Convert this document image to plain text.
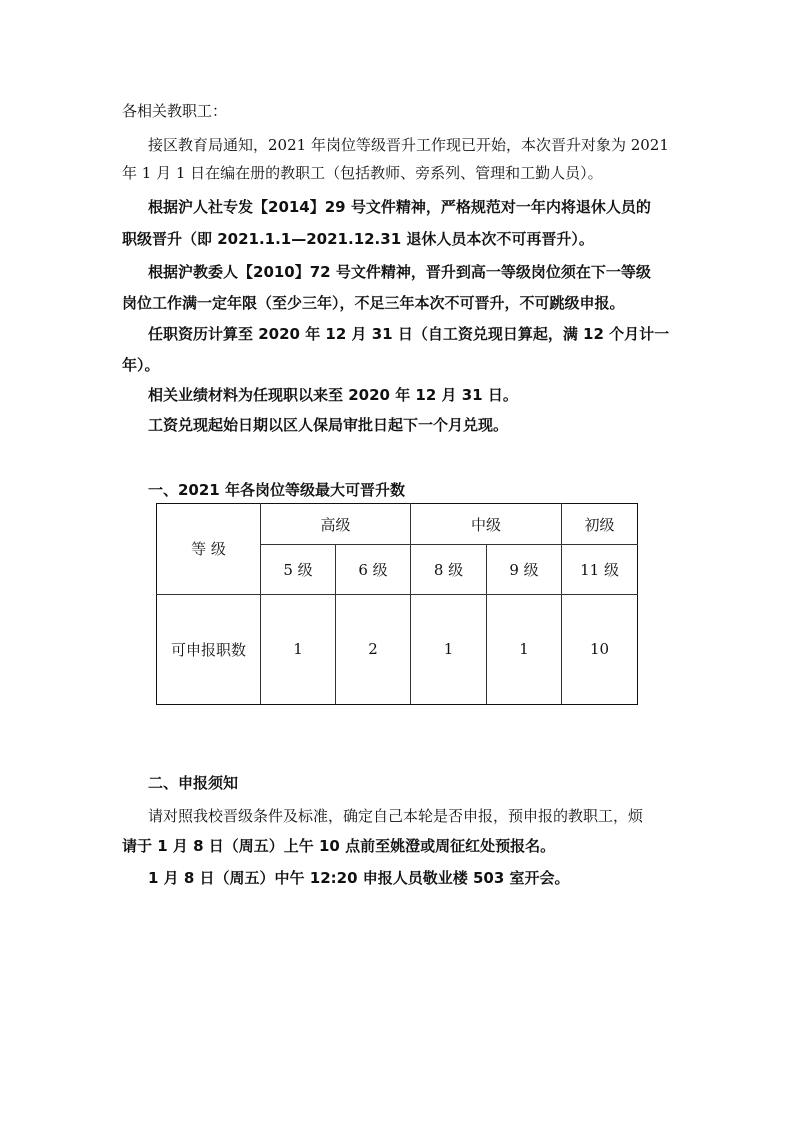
各相关教职工：
接区教育局通知，2021 年岗位等级晋升工作现已开始，本次晋升对象为 2021
年 1 月 1 日在编在册的教职工（包括教师、旁系列、管理和工勤人员）。
根据沪人社专发【2014】29 号文件精神，严格规范对一年内将退休人员的
职级晋升（即 2021.1.1—2021.12.31 退休人员本次不可再晋升）。
根据沪教委人【2010】72 号文件精神，晋升到高一等级岗位须在下一等级
岗位工作满一定年限（至少三年），不足三年本次不可晋升，不可跳级申报。
任职资历计算至 2020 年 12 月 31 日（自工资兑现日算起，满 12 个月计一
年）。
相关业绩材料为任现职以来至 2020 年 12 月 31 日。
工资兑现起始日期以区人保局审批日起下一个月兑现。
一、2021 年各岗位等级最大可晋升数
等 级	高级		中级		初级
	5 级	6 级	8 级	9 级	11 级
可申报职数	1	2	1	1	10
二、申报须知
请对照我校晋级条件及标准，确定自己本轮是否申报，预申报的教职工，烦
请于 1 月 8 日（周五）上午 10 点前至姚澄或周征红处预报名。
1 月 8 日（周五）中午 12:20 申报人员敬业楼 503 室开会。
